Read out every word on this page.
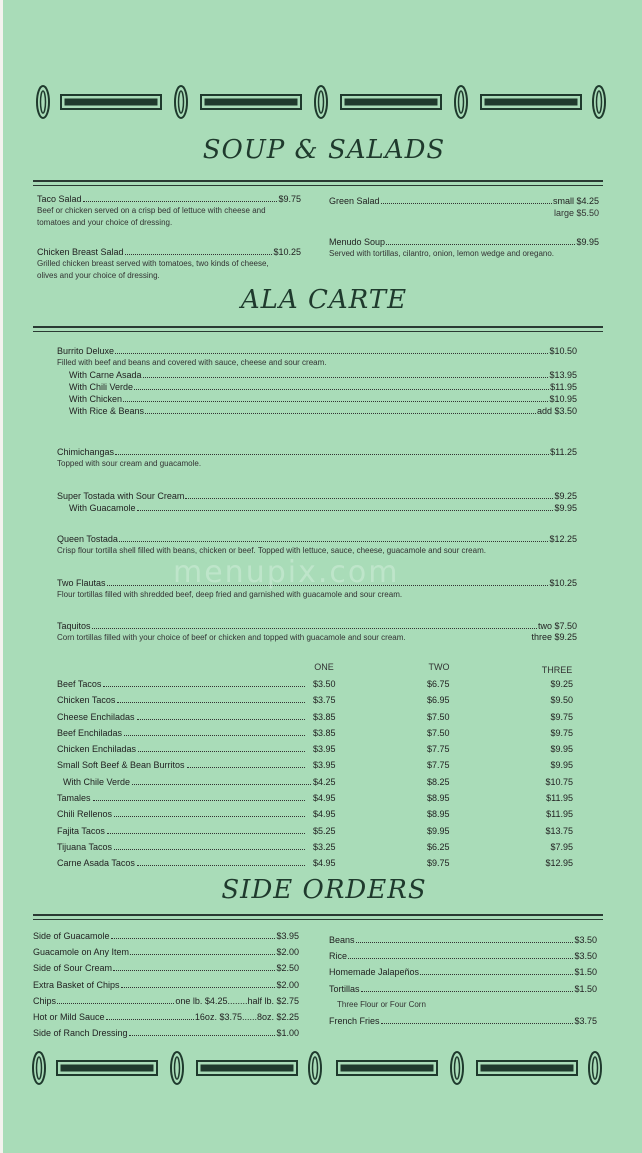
SOUP & SALADS
Taco Salad	$9.75
Beef or chicken served on a crisp bed of lettuce with cheese and
tomatoes and your choice of dressing.
Chicken Breast Salad	$10.25
Grilled chicken breast served with tomatoes, two kinds of cheese,
olives and your choice of dressing.
Green Salad	small $4.25
large $5.50
Menudo Soup	$9.95
Served with tortillas, cilantro, onion, lemon wedge and oregano.
ALA CARTE
Burrito Deluxe	$10.50
Filled with beef and beans and covered with sauce, cheese and sour cream.
With Carne Asada	$13.95
With Chili Verde	$11.95
With Chicken	$10.95
With Rice & Beans	add $3.50
Chimichangas	$11.25
Topped with sour cream and guacamole.
Super Tostada with Sour Cream	$9.25
With Guacamole	$9.95
Queen Tostada	$12.25
Crisp flour tortilla shell filled with beans, chicken or beef. Topped with lettuce, sauce, cheese, guacamole and sour cream.
Two Flautas	$10.25
Flour tortillas filled with shredded beef, deep fried and garnished with guacamole and sour cream.
Taquitos	two $7.50
Corn tortillas filled with your choice of beef or chicken and topped with guacamole and sour cream.	three $9.25
menupix.com
ONE	TWO	THREE
Beef Tacos	$3.50	$6.75	$9.25
Chicken Tacos	$3.75	$6.95	$9.50
Cheese Enchiladas	$3.85	$7.50	$9.75
Beef Enchiladas	$3.85	$7.50	$9.75
Chicken Enchiladas	$3.95	$7.75	$9.95
Small Soft Beef & Bean Burritos	$3.95	$7.75	$9.95
With Chile Verde	$4.25	$8.25	$10.75
Tamales	$4.95	$8.95	$11.95
Chili Rellenos	$4.95	$8.95	$11.95
Fajita Tacos	$5.25	$9.95	$13.75
Tijuana Tacos	$3.25	$6.25	$7.95
Carne Asada Tacos	$4.95	$9.75	$12.95
SIDE ORDERS
Side of Guacamole	$3.95
Guacamole on Any Item	$2.00
Side of Sour Cream	$2.50
Extra Basket of Chips	$2.00
Chips	one lb. $4.25........half lb. $2.75
Hot or Mild Sauce	16oz. $3.75......8oz. $2.25
Side of Ranch Dressing	$1.00
Beans	$3.50
Rice	$3.50
Homemade Jalapeños	$1.50
Tortillas	$1.50
Three Flour or Four Corn
French Fries	$3.75
